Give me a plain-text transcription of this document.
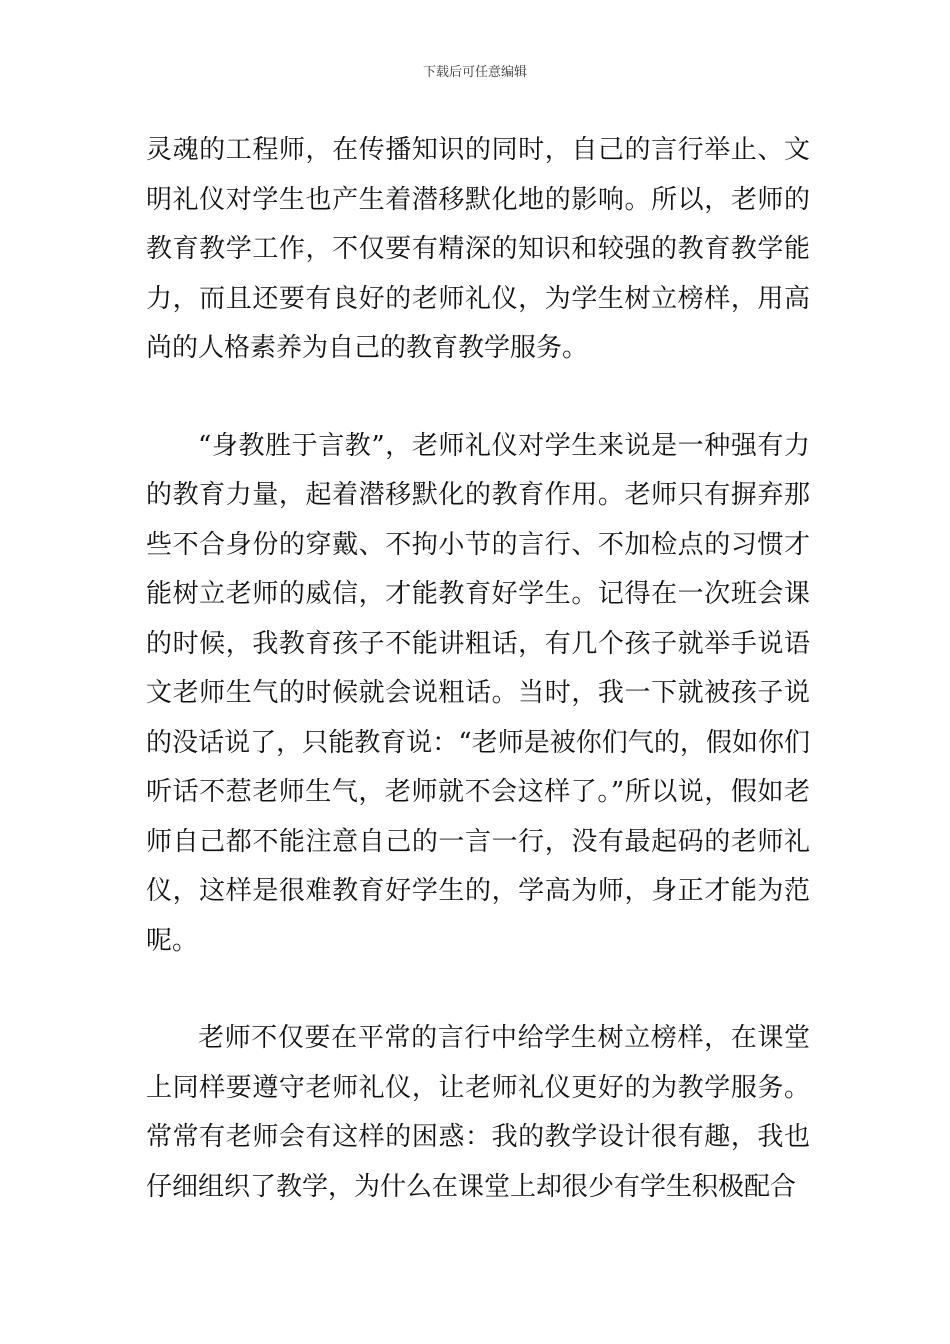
下载后可任意编辑

灵魂的工程师，在传播知识的同时，自己的言行举止、文明礼仪对学生也产生着潜移默化地的影响。所以，老师的教育教学工作，不仅要有精深的知识和较强的教育教学能力，而且还要有良好的老师礼仪，为学生树立榜样，用高尚的人格素养为自己的教育教学服务。

“身教胜于言教”，老师礼仪对学生来说是一种强有力的教育力量，起着潜移默化的教育作用。老师只有摒弃那些不合身份的穿戴、不拘小节的言行、不加检点的习惯才能树立老师的威信，才能教育好学生。记得在一次班会课的时候，我教育孩子不能讲粗话，有几个孩子就举手说语文老师生气的时候就会说粗话。当时，我一下就被孩子说的没话说了，只能教育说：“老师是被你们气的，假如你们听话不惹老师生气，老师就不会这样了。”所以说，假如老师自己都不能注意自己的一言一行，没有最起码的老师礼仪，这样是很难教育好学生的，学高为师，身正才能为范呢。

老师不仅要在平常的言行中给学生树立榜样，在课堂上同样要遵守老师礼仪，让老师礼仪更好的为教学服务。常常有老师会有这样的困惑：我的教学设计很有趣，我也仔细组织了教学，为什么在课堂上却很少有学生积极配合
